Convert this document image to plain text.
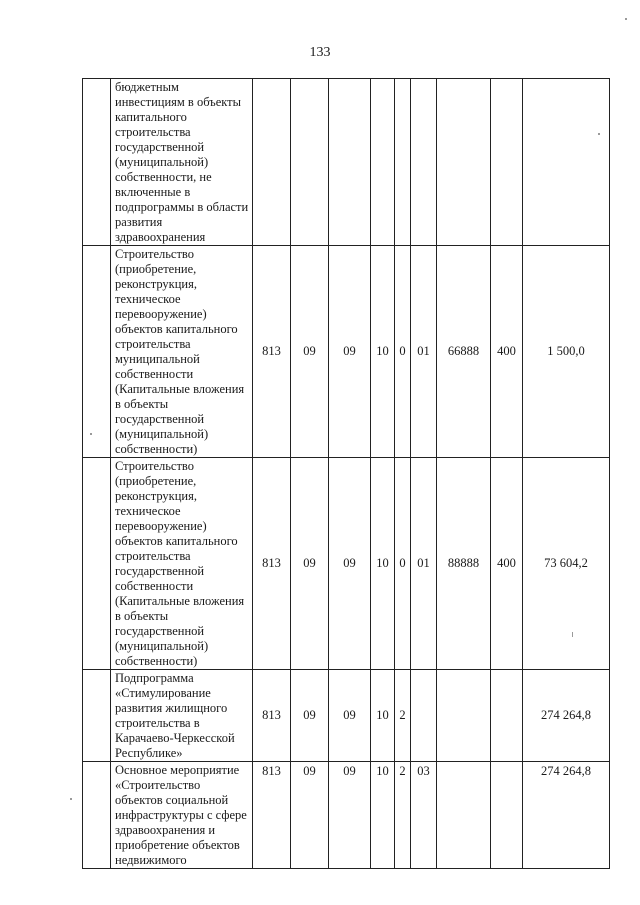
133
	бюджетным инвестициям в объекты капитального строительства государственной (муниципальной) собственности, не включенные в подпрограммы в области развития здравоохранения									
	Строительство (приобретение, реконструкция, техническое перевооружение) объектов капитального строительства муниципальной собственности (Капитальные вложения в объекты государственной (муниципальной) собственности)	813	09	09	10	0	01	66888	400	1 500,0
	Строительство (приобретение, реконструкция, техническое перевооружение) объектов капитального строительства государственной собственности (Капитальные вложения в объекты государственной (муниципальной) собственности)	813	09	09	10	0	01	88888	400	73 604,2
	Подпрограмма «Стимулирование развития жилищного строительства в Карачаево-Черкесской Республике»	813	09	09	10	2				274 264,8
	Основное мероприятие «Строительство объектов социальной инфраструктуры с сфере здравоохранения и приобретение объектов недвижимого	813	09	09	10	2	03			274 264,8
